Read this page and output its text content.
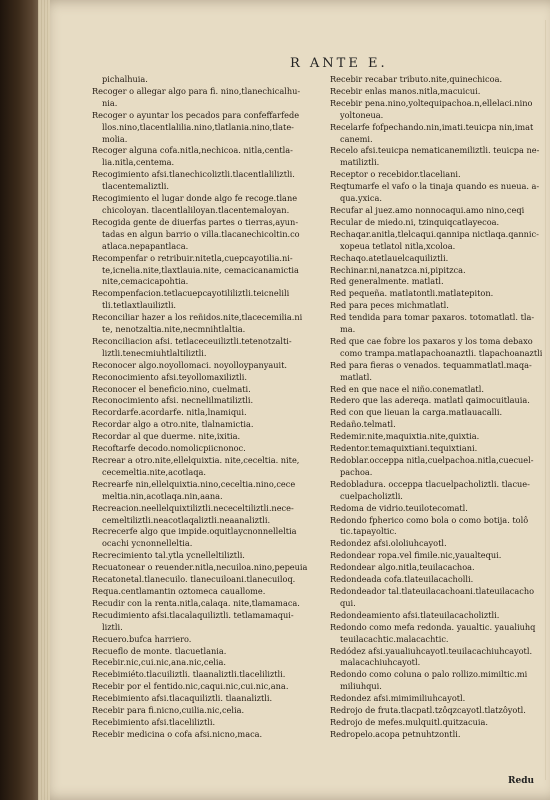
R ANTE E.
pichalhuia.
Recoger o allegar algo para fi. nino,tlanechicalhu-
nia.
Recoger o ayuntar los pecados para confeffarfede
llos.nino,tlacentlalilia.nino,tlatlania.nino,tlate-
molia.
Recoger alguna cofa.nitla,nechicoa. nitla,centla-
lia.nitla,centema.
Recogimiento afsi.tlanechicoliztli.tlacentlaliliztli.
tlacentemaliztli.
Recogimiento el lugar donde algo fe recoge.tlane
chicoloyan. tlacentlaliloyan.tlacentemaloyan.
Recogida gente de diuerfas partes o tierras,ayun-
tadas en algun barrio o villa.tlacanechicoltin.co
atlaca.nepapantlaca.
Recompenfar o retribuir.nitetla,cuepcayotilia.ni-
te,icnelia.nite,tlaxtlauia.nite, cemacicanamictia
nite,cemacicapohtia.
Recompenfacion.tetlacuepcayotililiztli.teicnelili
tli.tetlaxtlauiliztli.
Reconciliar hazer a los reñidos.nite,tlacecemilia.ni
te, nenotzaltia.nite,necmnihtlaltia.
Reconciliacion afsi. tetlaceceuiliztli.tetenotzalti-
liztli.tenecmiuhtlaltiliztli.
Reconocer algo.noyollomaci. noyolloypanyauit.
Reconocimiento afsi.teyollomaxiliztli.
Reconocer el beneficio.nino, cuelmati.
Reconocimiento afsi. necnelilmatiliztli.
Recordarfe.acordarfe. nitla,lnamiqui.
Recordar algo a otro.nite, tlalnamictia.
Recordar al que duerme. nite,ixitia.
Recoftarfe decodo.nomolicpiicnonoc.
Recrear a otro.nite,ellelquixtia. nite,ceceltia. nite,
cecemeltia.nite,acotlaqa.
Recrearfe nin,ellelquixtia.nino,ceceltia.nino,cece
meltia.nin,acotlaqa.nin,aana.
Recreacion.neellelquixtiliztli.nececeltiliztli.nece-
cemeltiliztli.neacotlaqaliztli.neaanaliztli.
Recrecerfe algo que impide.oquitlaycnonnelleltia
ocachi ycnonnelleltia.
Recrecimiento tal.ytla ycnelleltiliztli.
Recuatonear o reuender.nitla,necuiloa.nino,pepeuia
Recatonetal.tlanecuilo. tlanecuiloani.tlanecuiloq.
Requa.centlamantin oztomeca cauallome.
Recudir con la renta.nitla,calaqa. nite,tlamamaca.
Recudimiento afsi.tlacalaquiliztli. tetlamamaqui-
liztli.
Recuero.bufca harriero.
Recueflo de monte. tlacuetlania.
Recebir.nic,cui.nic,ana.nic,celia.
Recebimiéto.tlacuiliztli. tlaanaliztli.tlaceliliztli.
Recebir por el fentido.nic,caqui.nic,cui.nic,ana.
Recebimiento afsi.tlacaquiliztli. tlaanaliztli.
Recebir para fi.nicno,cuilia.nic,celia.
Recebimiento afsi.tlaceliliztli.
Recebir medicina o cofa afsi.nicno,maca.
Recebir recabar tributo.nite,quinechicoa.
Recebir enlas manos.nitla,macuicui.
Recebir pena.nino,yoltequipachoa.n,ellelaci.nino
yoltoneua.
Recelarfe fofpechando.nin,imati.teuicpa nin,imat
canemi.
Recelo afsi.teuicpa nematicanemiliztli. teuicpa ne-
matiliztli.
Receptor o recebidor.tlaceliani.
Reqtumarfe el vafo o la tinaja quando es nueua. a-
qua.yxica.
Recufar al juez.amo nonnocaqui.amo nino,ceqi
Recular de miedo.ni, tzinquiqcatlayecoa.
Rechaqar.anitla,tlelcaqui.qannipa nictlaqa.qannic-
xopeua tetlatol nitla,xcoloa.
Rechaqo.atetlauelcaquiliztli.
Rechinar.ni,nanatzca.ni,pipitzca.
Red generalmente. matlatl.
Red pequeña. matlatontli.matlatepiton.
Red para peces michmatlatl.
Red tendida para tomar paxaros. totomatlatl. tla-
ma.
Red que cae fobre los paxaros y los toma debaxo
como trampa.matlapachoanaztli. tlapachoanaztli
Red para fieras o venados. tequammatlatl.maqa-
matlatl.
Red en que nace el niño.conematlatl.
Redero que las adereqa. matlatl qaimocuitlauia.
Red con que lieuan la carga.matlauacalli.
Redaño.telmatl.
Redemir.nite,maquixtia.nite,quixtia.
Redentor.temaquixtiani.tequixtiani.
Redoblar.occeppa nitla,cuelpachoa.nitla,cuecuel-
pachoa.
Redobladura. occeppa tlacuelpacholiztli. tlacue-
cuelpacholiztli.
Redoma de vidrio.teuilotecomatl.
Redondo fpherico como bola o como botija. tolô
tic.tapayoltic.
Redondez afsi.ololiuhcayotl.
Redondear ropa.vel fimile.nic,yaualtequi.
Redondear algo.nitla,teuilacachoa.
Redondeada cofa.tlateuilacacholli.
Redondeador tal.tlateuilacachoani.tlateuilacacho
qui.
Redondeamiento afsi.tlateuilacacholiztli.
Redondo como mefa redonda. yaualtic. yaualiuhq
teuilacachtic.malacachtic.
Redódez afsi.yaualiuhcayotl.teuilacachiuhcayotl.
malacachiuhcayotl.
Redondo como coluna o palo rollizo.mimiltic.mi
miliuhqui.
Redondez afsi.mimimiliuhcayotl.
Redrojo de fruta.tlacpatl.tzôqzcayotl.tlatzôyotl.
Redrojo de mefes.mulquitl.quitzacuia.
Redropelo.acopa petnuhtzontli.
Redu
